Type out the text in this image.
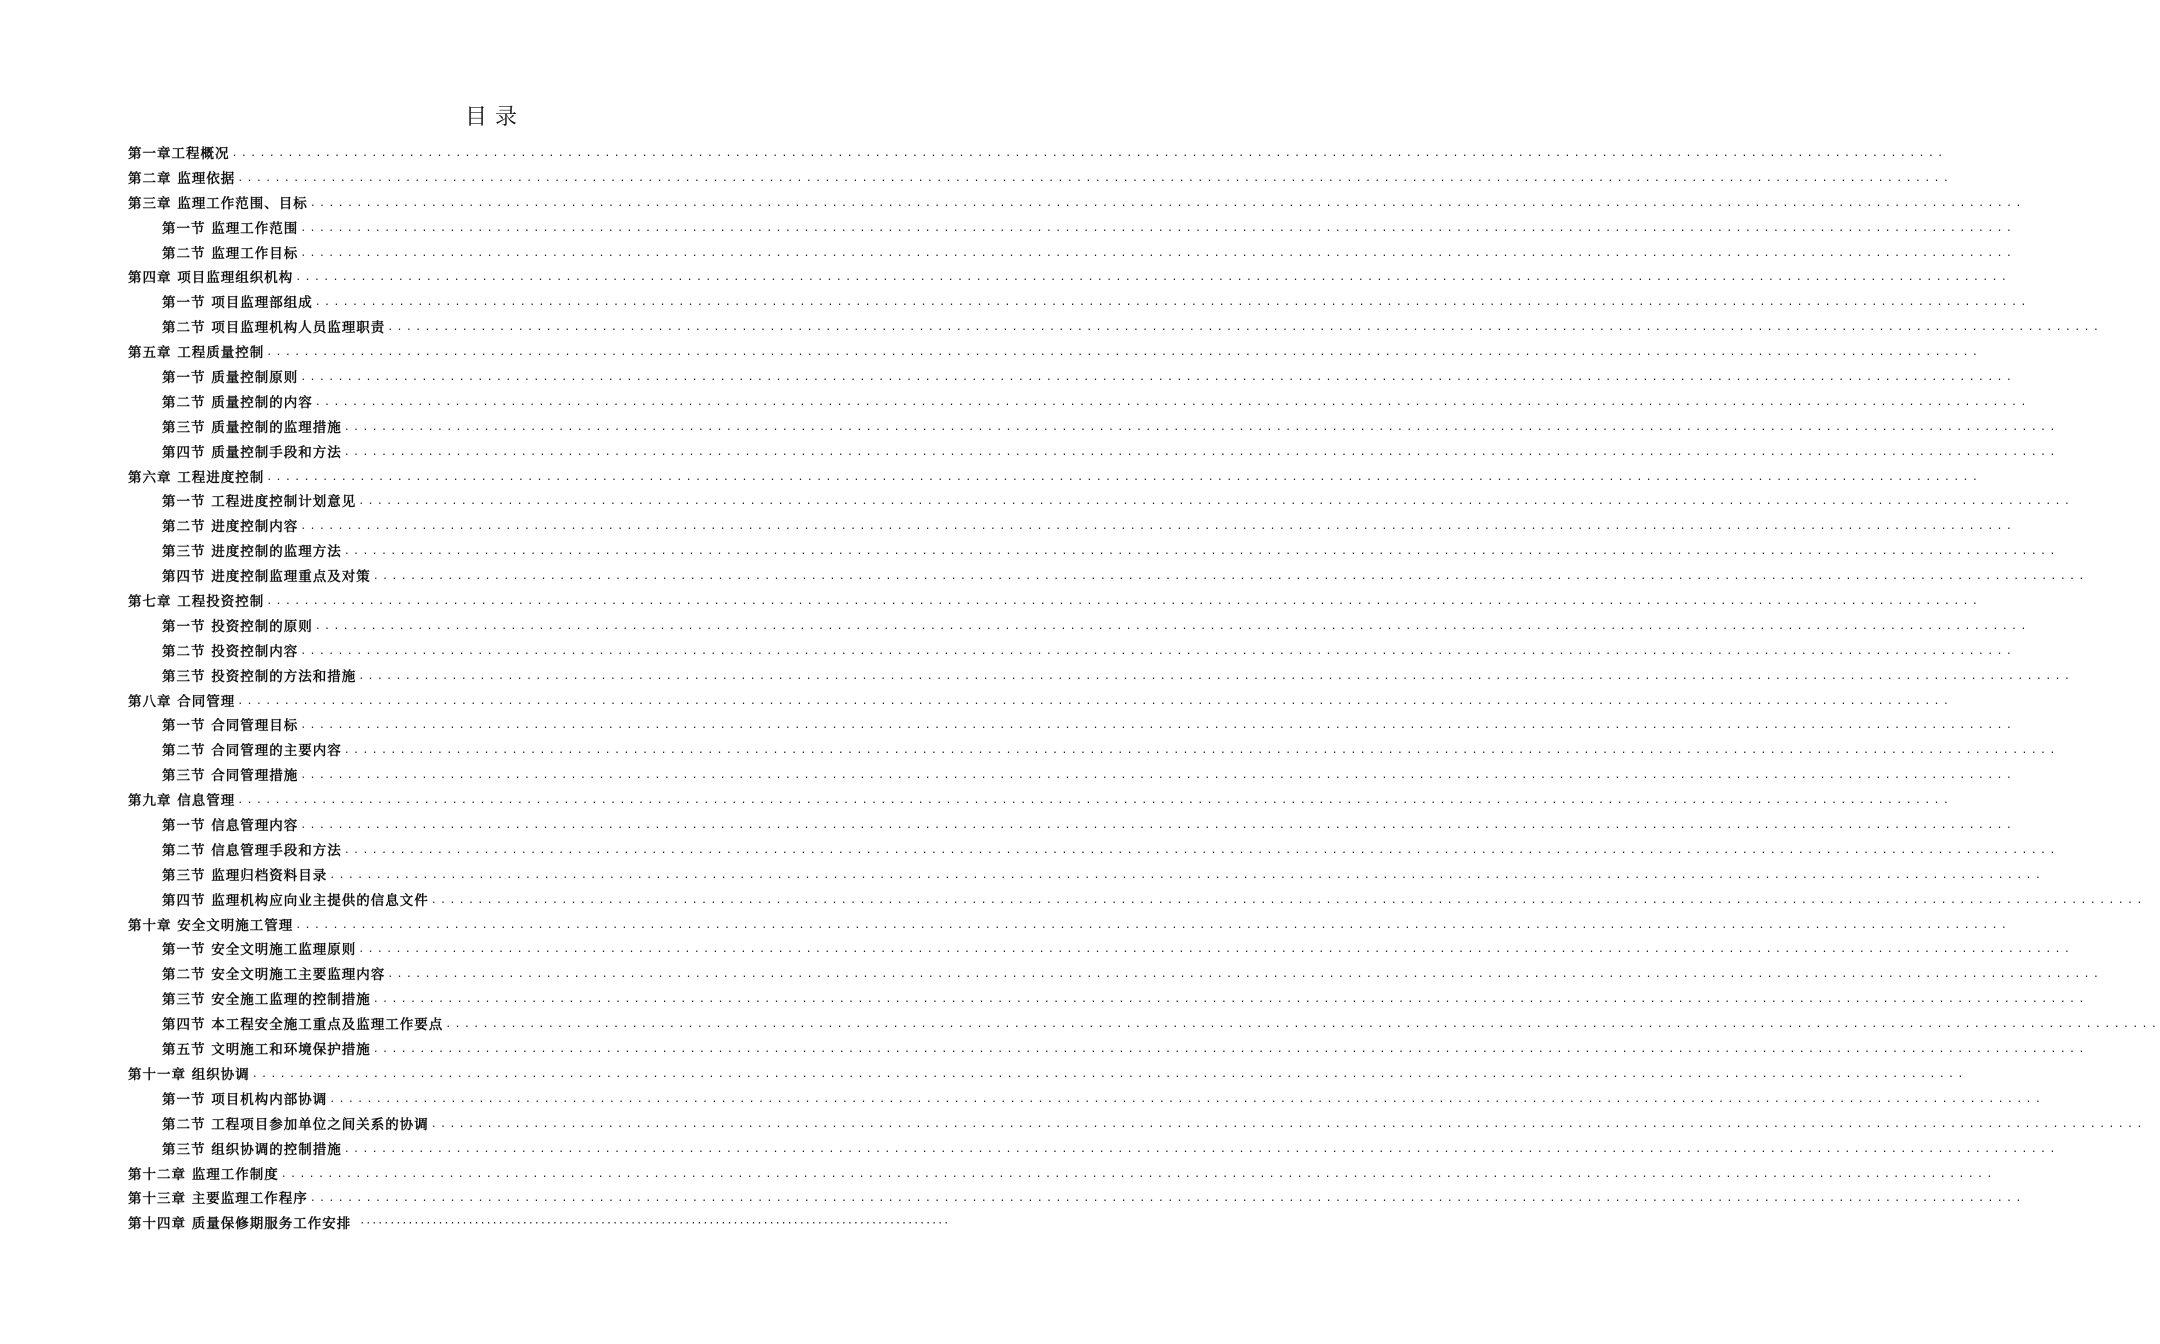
目录
第一章工程概况 ........................................................................................................................................................................................
第二章 监理依据 ........................................................................................................................................................................................
第三章 监理工作范围、目标 ........................................................................................................................................................................................
第一节 监理工作范围 ........................................................................................................................................................................................
第二节 监理工作目标 ........................................................................................................................................................................................
第四章 项目监理组织机构 ........................................................................................................................................................................................
第一节 项目监理部组成 ........................................................................................................................................................................................
第二节 项目监理机构人员监理职责 ........................................................................................................................................................................................
第五章 工程质量控制 ........................................................................................................................................................................................
第一节 质量控制原则 ........................................................................................................................................................................................
第二节 质量控制的内容 ........................................................................................................................................................................................
第三节 质量控制的监理措施 ........................................................................................................................................................................................
第四节 质量控制手段和方法 ........................................................................................................................................................................................
第六章 工程进度控制 ........................................................................................................................................................................................
第一节 工程进度控制计划意见 ........................................................................................................................................................................................
第二节 进度控制内容 ........................................................................................................................................................................................
第三节 进度控制的监理方法 ........................................................................................................................................................................................
第四节 进度控制监理重点及对策 ........................................................................................................................................................................................
第七章 工程投资控制 ........................................................................................................................................................................................
第一节 投资控制的原则 ........................................................................................................................................................................................
第二节 投资控制内容 ........................................................................................................................................................................................
第三节 投资控制的方法和措施 ........................................................................................................................................................................................
第八章 合同管理 ........................................................................................................................................................................................
第一节 合同管理目标 ........................................................................................................................................................................................
第二节 合同管理的主要内容 ........................................................................................................................................................................................
第三节 合同管理措施 ........................................................................................................................................................................................
第九章 信息管理 ........................................................................................................................................................................................
第一节 信息管理内容 ........................................................................................................................................................................................
第二节 信息管理手段和方法 ........................................................................................................................................................................................
第三节 监理归档资料目录 ........................................................................................................................................................................................
第四节 监理机构应向业主提供的信息文件 ........................................................................................................................................................................................
第十章 安全文明施工管理 ........................................................................................................................................................................................
第一节 安全文明施工监理原则 ........................................................................................................................................................................................
第二节 安全文明施工主要监理内容 ........................................................................................................................................................................................
第三节 安全施工监理的控制措施 ........................................................................................................................................................................................
第四节 本工程安全施工重点及监理工作要点 ........................................................................................................................................................................................
第五节 文明施工和环境保护措施 ........................................................................................................................................................................................
第十一章 组织协调 ........................................................................................................................................................................................
第一节 项目机构内部协调 ........................................................................................................................................................................................
第二节 工程项目参加单位之间关系的协调 ........................................................................................................................................................................................
第三节 组织协调的控制措施 ........................................................................................................................................................................................
第十二章 监理工作制度 ........................................................................................................................................................................................
第十三章 主要监理工作程序 ........................................................................................................................................................................................
第十四章 质量保修期服务工作安排 ··································································································
